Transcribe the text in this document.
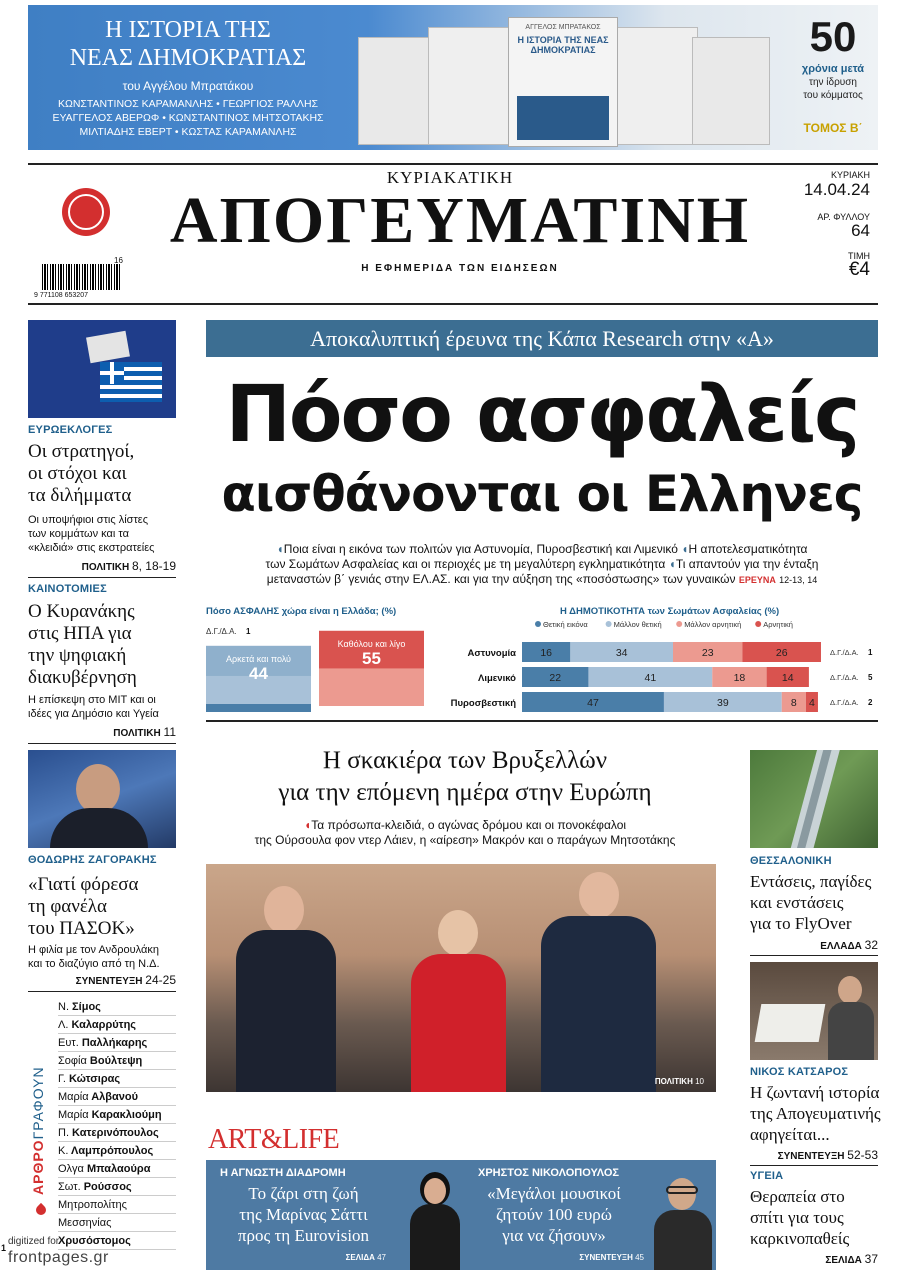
Η ΙΣΤΟΡΙΑ ΤΗΣ
ΝΕΑΣ ΔΗΜΟΚΡΑΤΙΑΣ
του Αγγέλου Μπρατάκου
ΚΩΝΣΤΑΝΤΙΝΟΣ ΚΑΡΑΜΑΝΛΗΣ • ΓΕΩΡΓΙΟΣ ΡΑΛΛΗΣ
ΕΥΑΓΓΕΛΟΣ ΑΒΕΡΩΦ • ΚΩΝΣΤΑΝΤΙΝΟΣ ΜΗΤΣΟΤΑΚΗΣ
ΜΙΛΤΙΑΔΗΣ ΕΒΕΡΤ • ΚΩΣΤΑΣ ΚΑΡΑΜΑΝΛΗΣ
ΑΓΓΕΛΟΣ ΜΠΡΑΤΑΚΟΣ
Η ΙΣΤΟΡΙΑ ΤΗΣ ΝΕΑΣ ΔΗΜΟΚΡΑΤΙΑΣ	50
χρόνια μετά
την ίδρυση
του κόμματος
ΤΟΜΟΣ Β΄
ΚΥΡΙΑΚΑΤΙΚΗ
ΑΠΟΓΕΥΜΑΤΙΝΗ
Η ΕΦΗΜΕΡΙΔΑ ΤΩΝ ΕΙΔΗΣΕΩΝ
ΚΥΡΙΑΚΗ
14.04.24
ΑΡ. ΦΥΛΛΟΥ
64
ΤΙΜΗ
€4
16
9 771108 653207
ΕΥΡΩΕΚΛΟΓΕΣ
Οι στρατηγοί,
οι στόχοι και
τα διλήμματα
Οι υποψήφιοι στις λίστες
των κομμάτων και τα
«κλειδιά» στις εκστρατείες
ΠΟΛΙΤΙΚΗ 8, 18-19
ΚΑΙΝΟΤΟΜΙΕΣ
Ο Κυρανάκης
στις ΗΠΑ για
την ψηφιακή
διακυβέρνηση
Η επίσκεψη στο ΜΙΤ και οι
ιδέες για Δημόσιο και Υγεία
ΠΟΛΙΤΙΚΗ 11
ΘΟΔΩΡΗΣ ΖΑΓΟΡΑΚΗΣ
«Γιατί φόρεσα
τη φανέλα
του ΠΑΣΟΚ»
Η φιλία με τον Ανδρουλάκη
και το διαζύγιο από τη Ν.Δ.
ΣΥΝΕΝΤΕΥΞΗ 24-25
ΑΡΘΡΟΓΡΑΦΟΥΝ
Ν. Σίμος
Λ. Καλαρρύτης
Ευτ. Παλλήκαρης
Σοφία Βούλτεψη
Γ. Κώτσιρας
Μαρία Αλβανού
Μαρία Καρακλιούμη
Π. Κατερινόπουλος
Κ. Λαμπρόπουλος
Ολγα Μπαλαούρα
Σωτ. Ρούσσος
Μητροπολίτης
Μεσσηνίας
Χρυσόστομος
Αποκαλυπτική έρευνα της Κάπα Research στην «Α»
Πόσο ασφαλείς
αισθάνονται οι Ελληνες
◖Ποια είναι η εικόνα των πολιτών για Αστυνομία, Πυροσβεστική και Λιμενικό ◖Η αποτελεσματικότητα
των Σωμάτων Ασφαλείας και οι περιοχές με τη μεγαλύτερη εγκληματικότητα ◖Τι απαντούν για την ένταξη
μεταναστών β΄ γενιάς στην ΕΛ.ΑΣ. και για την αύξηση της «ποσόστωσης» των γυναικών ΕΡΕΥΝΑ 12-13, 14
Πόσο ΑΣΦΑΛΗΣ χώρα είναι η Ελλάδα; (%)
Δ.Γ./Δ.Α. 1
Αρκετά και πολύ
44
Καθόλου και λίγο
55
Η ΔΗΜΟΤΙΚΟΤΗΤΑ των Σωμάτων Ασφαλείας (%)
Θετική εικόνα	Μάλλον θετική	Μάλλον αρνητική	Αρνητική
Αστυνομία 16	34	23	26	Δ.Γ./Δ.Α. 1
Λιμενικό	22	41	18	14	Δ.Γ./Δ.Α. 5
Πυροσβεστική	47	39	8 4 Δ.Γ./Δ.Α. 2
Η σκακιέρα των Βρυξελλών
για την επόμενη ημέρα στην Ευρώπη
◖Τα πρόσωπα-κλειδιά, ο αγώνας δρόμου και οι πονοκέφαλοι
της Ούρσουλα φον ντερ Λάιεν, η «αίρεση» Μακρόν και ο παράγων Μητσοτάκης
ΠΟΛΙΤΙΚΗ 10
ART&LIFE
Η ΑΓΝΩΣΤΗ ΔΙΑΔΡΟΜΗ
Το ζάρι στη ζωή
της Μαρίνας Σάττι
προς τη Eurovision
ΣΕΛΙΔΑ 47
ΧΡΗΣΤΟΣ ΝΙΚΟΛΟΠΟΥΛΟΣ
«Μεγάλοι μουσικοί
ζητούν 100 ευρώ
για να ζήσουν»
ΣΥΝΕΝΤΕΥΞΗ 45
ΘΕΣΣΑΛΟΝΙΚΗ
Εντάσεις, παγίδες
και ενστάσεις
για το FlyOver
ΕΛΛΑΔΑ 32
ΝΙΚΟΣ ΚΑΤΣΑΡΟΣ
Η ζωντανή ιστορία
της Απογευματινής
αφηγείται...
ΣΥΝΕΝΤΕΥΞΗ 52-53
ΥΓΕΙΑ
Θεραπεία στο
σπίτι για τους
καρκινοπαθείς
ΣΕΛΙΔΑ 37
digitized for
frontpages.gr
1
